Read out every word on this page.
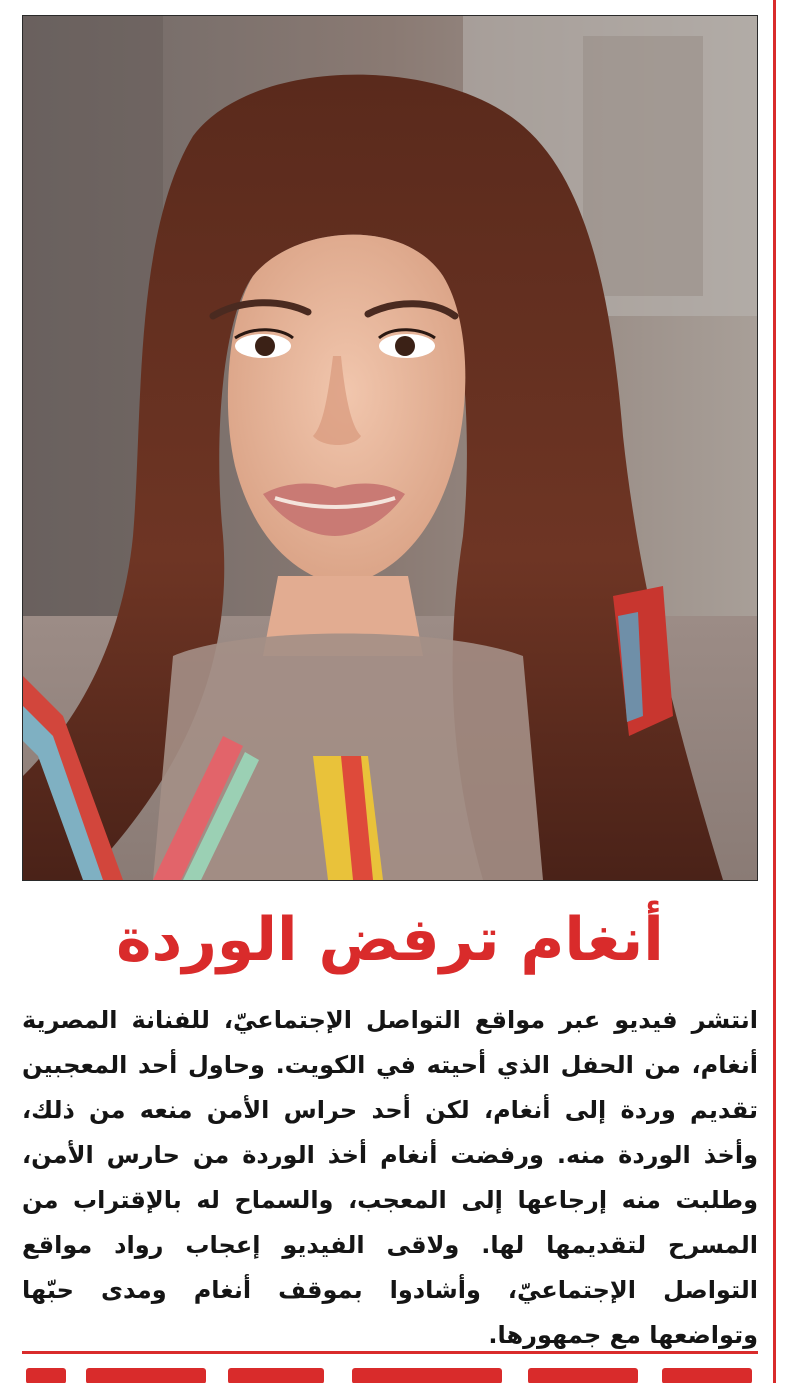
أنغام ترفض الوردة

انتشر فيديو عبر مواقع التواصل الإجتماعيّ، للفنانة المصرية أنغام، من الحفل الذي أحيته في الكويت. وحاول أحد المعجبين تقديم وردة إلى أنغام، لكن أحد حراس الأمن منعه من ذلك، وأخذ الوردة منه. ورفضت أنغام أخذ الوردة من حارس الأمن، وطلبت منه إرجاعها إلى المعجب، والسماح له بالإقتراب من المسرح لتقديمها لها. ولاقى الفيديو إعجاب رواد مواقع التواصل الإجتماعيّ، وأشادوا بموقف أنغام ومدى حبّها وتواضعها مع جمهورها.
